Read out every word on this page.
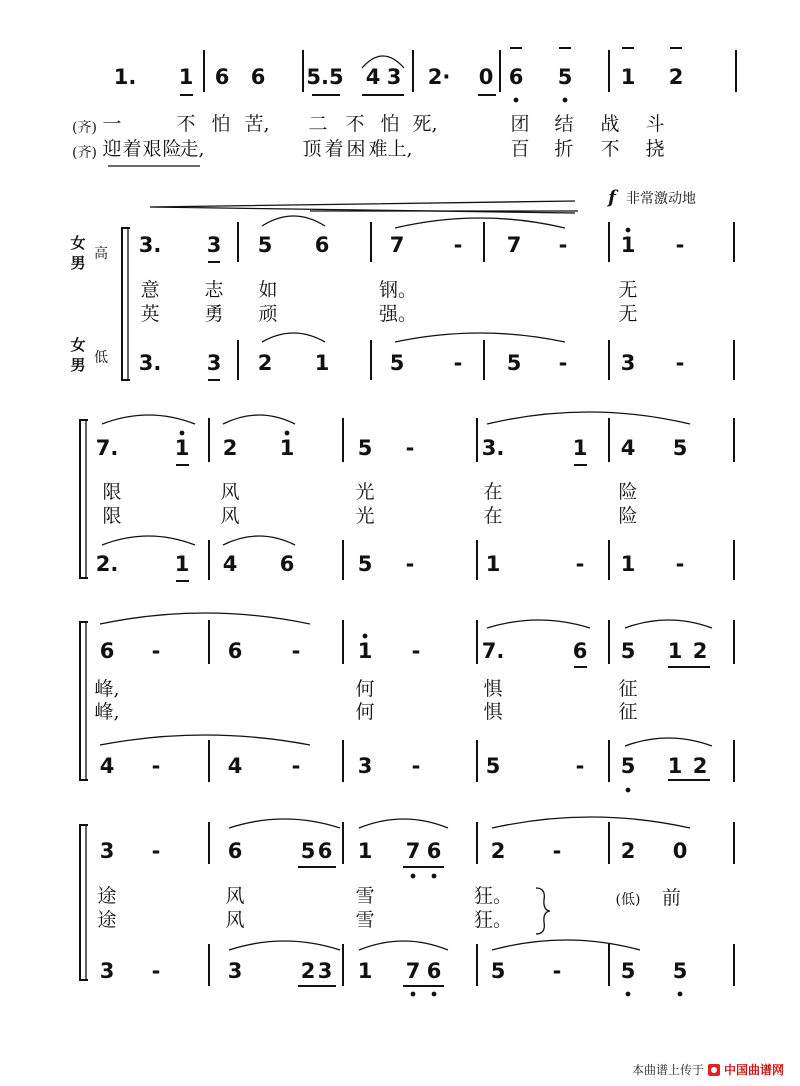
1. 1 6 6 5.5 4 3 2· 0 6 5 1 2
(齐) 一	不 怕 苦, 二 不 怕 死,	团 结 战 斗
(齐) 迎 着 艰 险
走,	顶 着 困 难 上,	百 折 不 挠
f 非常激动地
女
男 高
女
男 低
3. 3 5 6	7 - 7 -	1 -
意 志 如	钢。	无
英 勇 顽	强。	无
3. 3 2 1	5 - 5 -	3 -
7.	1 2 1	5 -	3.	1 4 5
限	风	光	在	险
限	风	光	在	险
2.	1 4 6	5 -	1	- 1 -
6 -	6 -	1 -	7.	6 5 1 2
峰,	何	惧	征
峰,	何	惧	征
4 -	4 -	3 -	5	- 5 1 2
3 -	6	5 6 1 7 6 2 -	2 0
途	风	雪	狂。
途	风	雪	狂。
(低) 前
3 -	3	2 3 1 7 6 5 -	5 5
本曲谱上传于 中国曲谱网
